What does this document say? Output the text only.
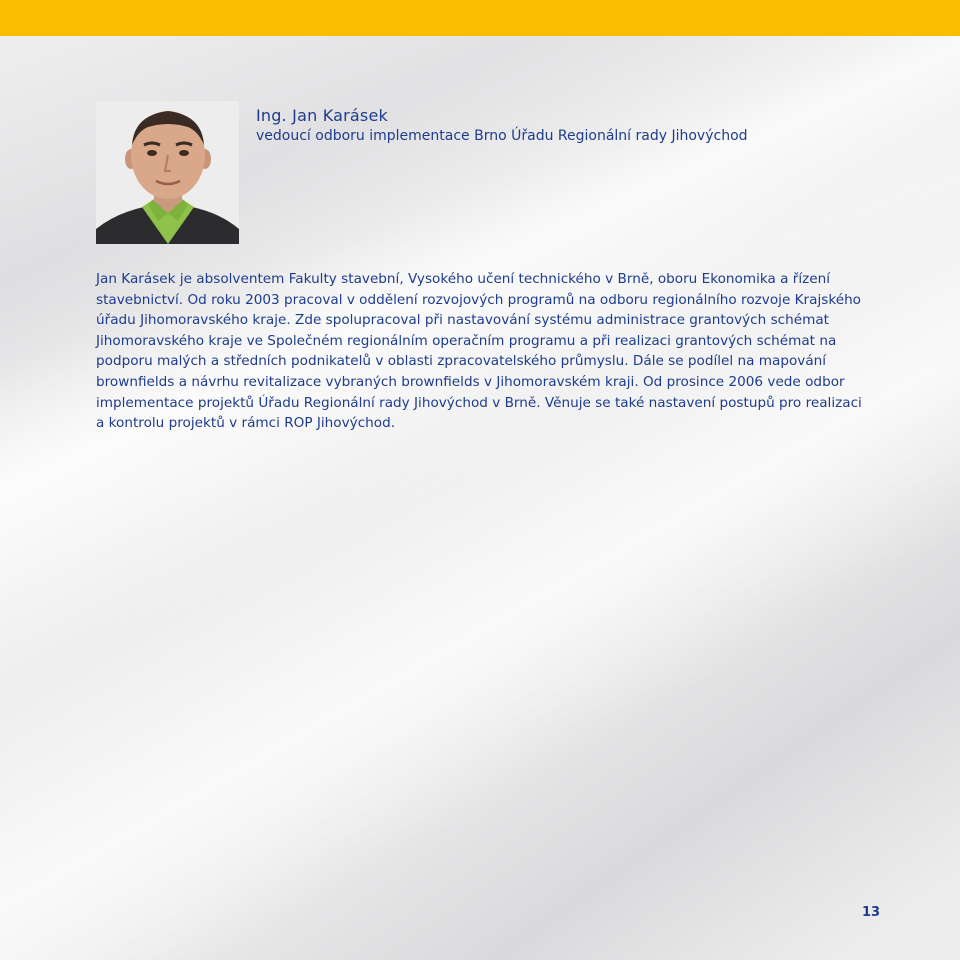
Ing. Jan Karásek
vedoucí odboru implementace Brno Úřadu Regionální rady Jihovýchod

Jan Karásek je absolventem Fakulty stavební, Vysokého učení technického v Brně, oboru Ekonomika a řízení stavebnictví. Od roku 2003 pracoval v oddělení rozvojových programů na odboru regionálního rozvoje Krajského úřadu Jihomoravského kraje. Zde spolupracoval při nastavování systému administrace grantových schémat Jihomoravského kraje ve Společném regionálním operačním programu a při realizaci grantových schémat na podporu malých a středních podnikatelů v oblasti zpracovatelského průmyslu. Dále se podílel na mapování brownfields a návrhu revitalizace vybraných brownfields v Jihomoravském kraji. Od prosince 2006 vede odbor implementace projektů Úřadu Regionální rady Jihovýchod v Brně. Věnuje se také nastavení postupů pro realizaci a kontrolu projektů v rámci ROP Jihovýchod.

13
